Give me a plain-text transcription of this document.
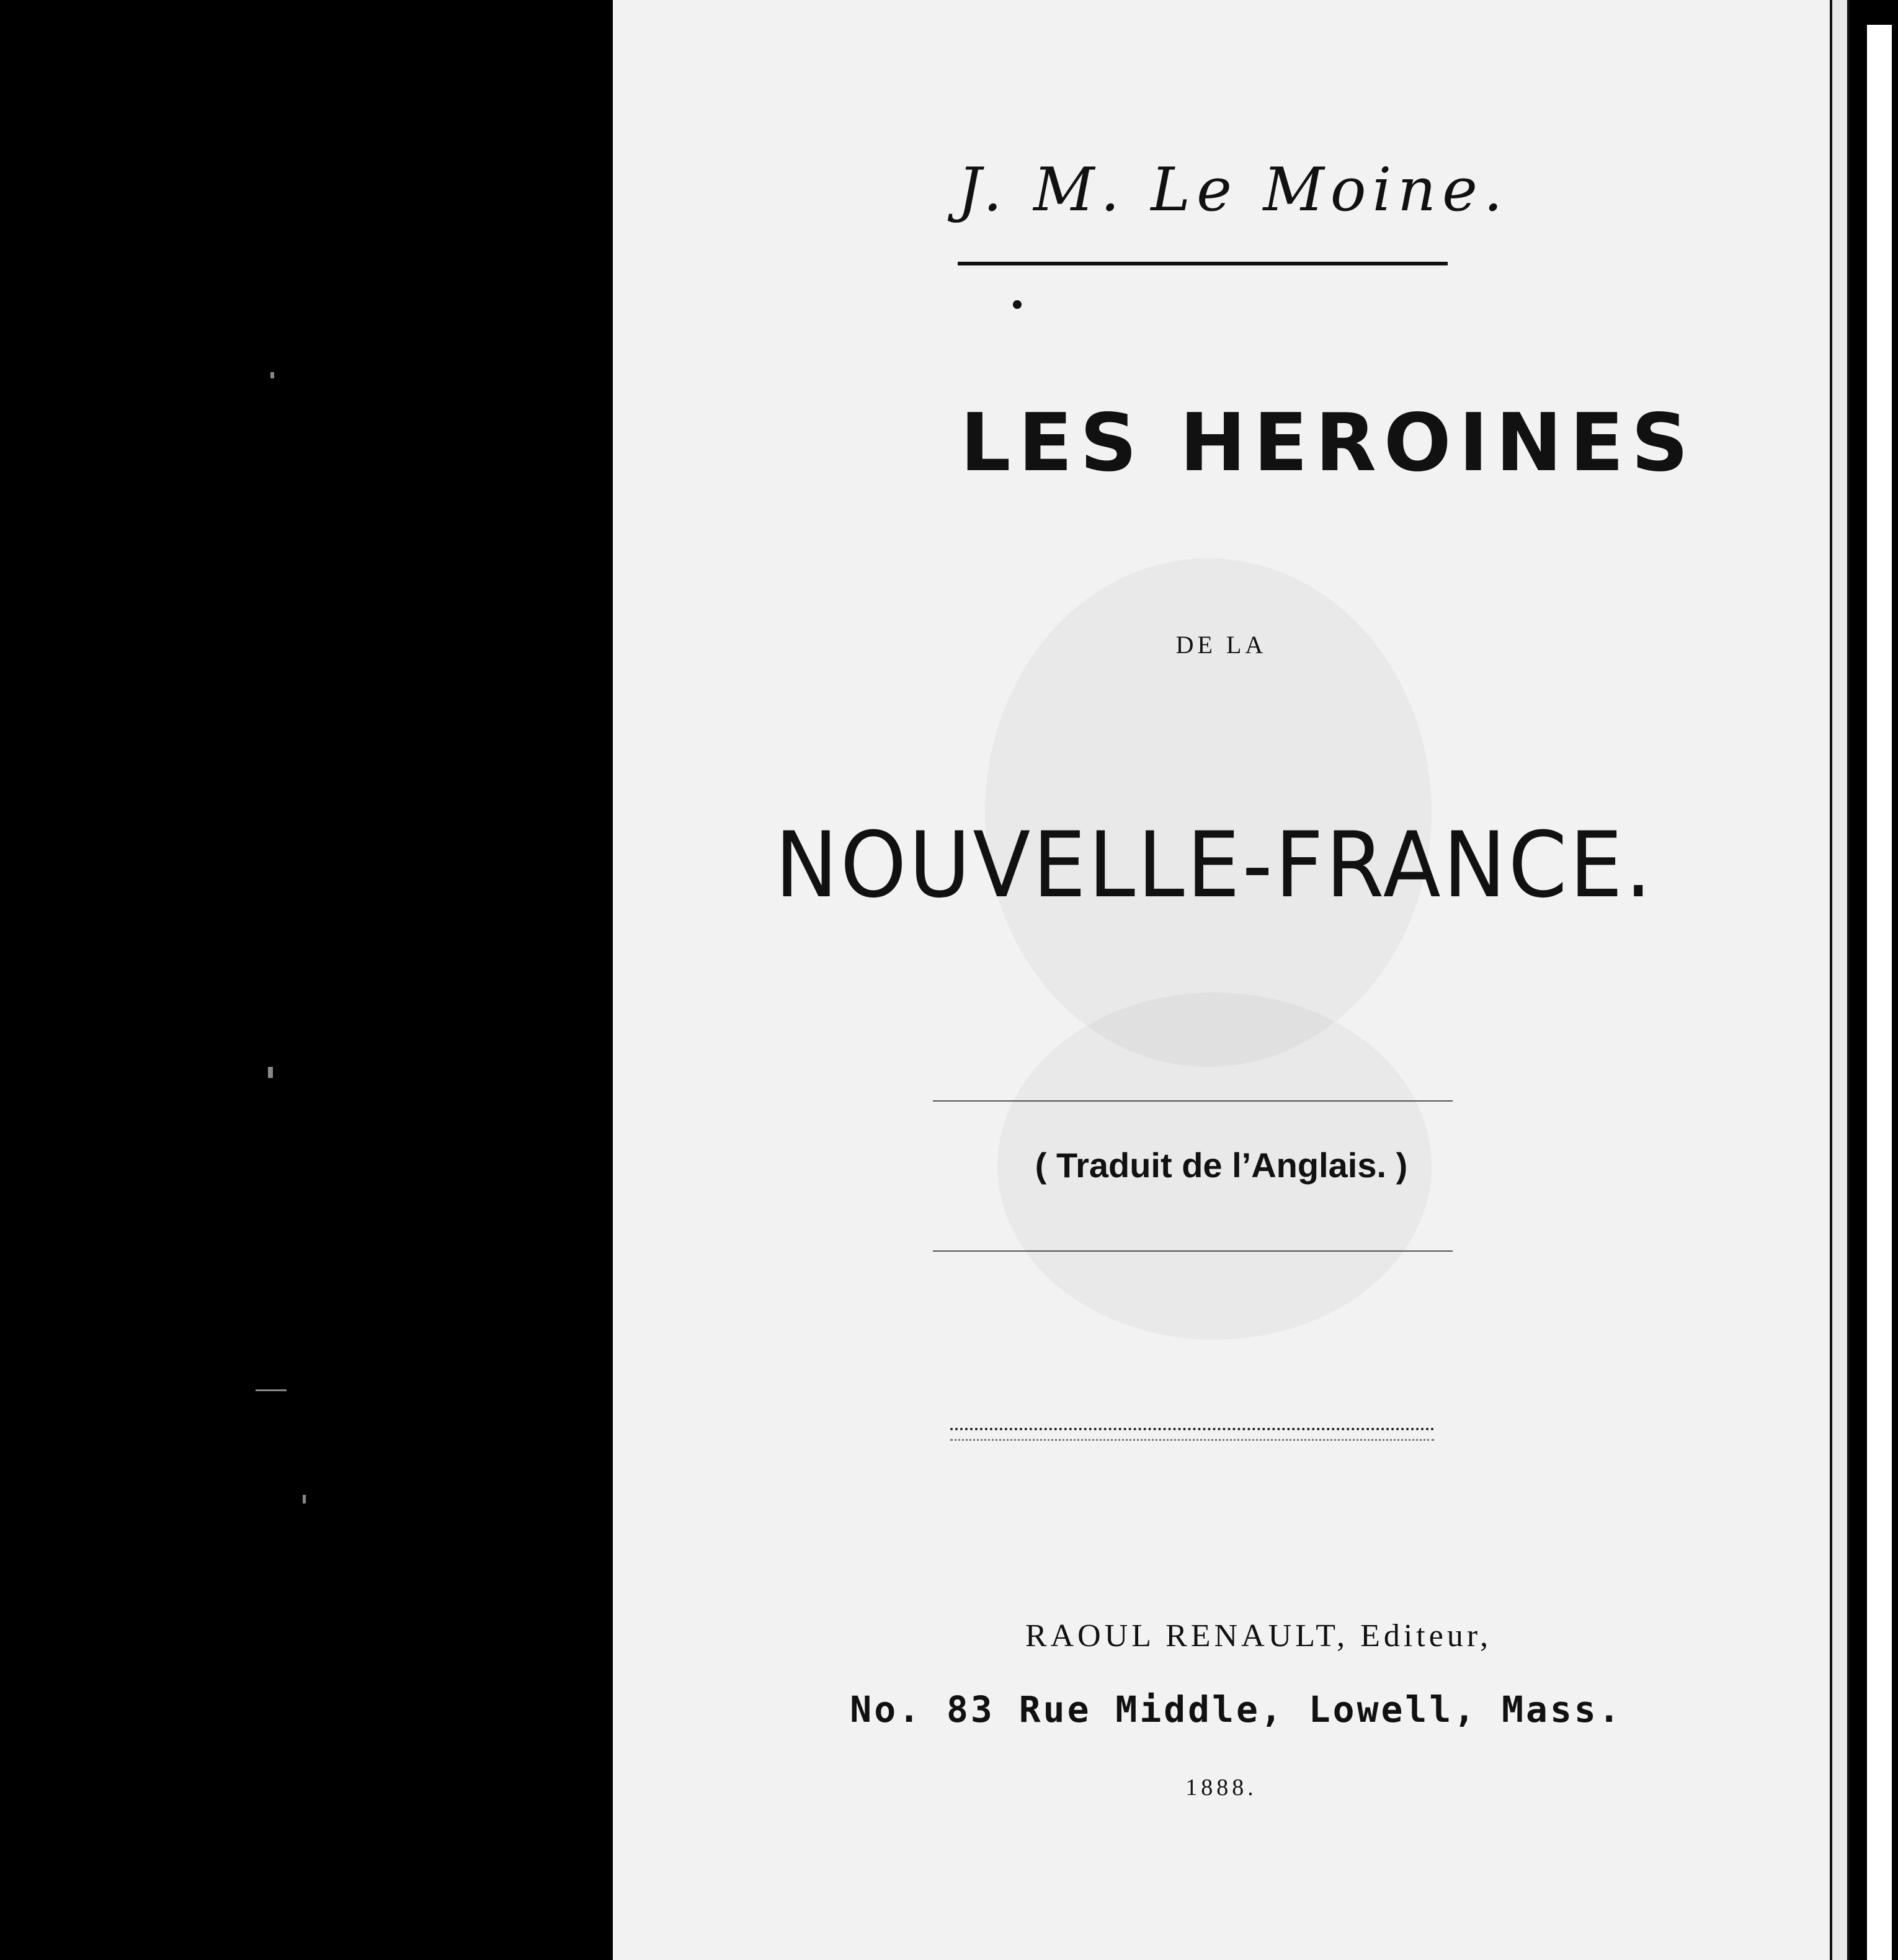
J. M. Le Moine.
LES HEROINES
DE LA
NOUVELLE-FRANCE.
( Traduit de l’Anglais. )
RAOUL RENAULT, Editeur,
No. 83 Rue Middle, Lowell, Mass.
1888.
